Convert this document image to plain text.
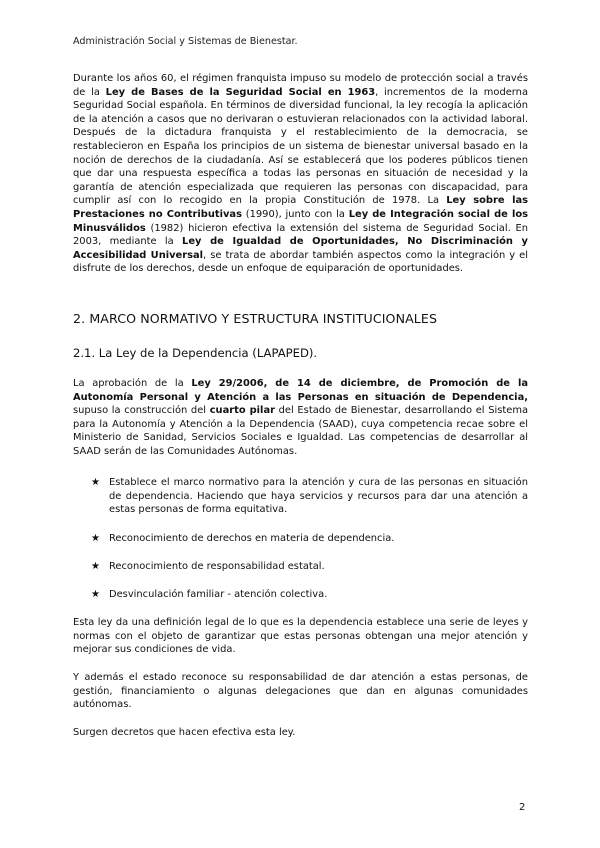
Administración Social y Sistemas de Bienestar.

Durante los años 60, el régimen franquista impuso su modelo de protección social a través de la Ley de Bases de la Seguridad Social en 1963, incrementos de la moderna Seguridad Social española. En términos de diversidad funcional, la ley recogía la aplicación de la atención a casos que no derivaran o estuvieran relacionados con la actividad laboral. Después de la dictadura franquista y el restablecimiento de la democracia, se restablecieron en España los principios de un sistema de bienestar universal basado en la noción de derechos de la ciudadanía. Así se establecerá que los poderes públicos tienen que dar una respuesta específica a todas las personas en situación de necesidad y la garantía de atención especializada que requieren las personas con discapacidad, para cumplir así con lo recogido en la propia Constitución de 1978. La Ley sobre las Prestaciones no Contributivas (1990), junto con la Ley de Integración social de los Minusválidos (1982) hicieron efectiva la extensión del sistema de Seguridad Social. En 2003, mediante la Ley de Igualdad de Oportunidades, No Discriminación y Accesibilidad Universal, se trata de abordar también aspectos como la integración y el disfrute de los derechos, desde un enfoque de equiparación de oportunidades.

2. MARCO NORMATIVO Y ESTRUCTURA INSTITUCIONALES
2.1. La Ley de la Dependencia (LAPAPED).

La aprobación de la Ley 29/2006, de 14 de diciembre, de Promoción de la Autonomía Personal y Atención a las Personas en situación de Dependencia, supuso la construcción del cuarto pilar del Estado de Bienestar, desarrollando el Sistema para la Autonomía y Atención a la Dependencia (SAAD), cuya competencia recae sobre el Ministerio de Sanidad, Servicios Sociales e Igualdad. Las competencias de desarrollar al SAAD serán de las Comunidades Autónomas.

★ Establece el marco normativo para la atención y cura de las personas en situación de dependencia. Haciendo que haya servicios y recursos para dar una atención a estas personas de forma equitativa.
★ Reconocimiento de derechos en materia de dependencia.
★ Reconocimiento de responsabilidad estatal.
★ Desvinculación familiar - atención colectiva.

Esta ley da una definición legal de lo que es la dependencia establece una serie de leyes y normas con el objeto de garantizar que estas personas obtengan una mejor atención y mejorar sus condiciones de vida.

Y además el estado reconoce su responsabilidad de dar atención a estas personas, de gestión, financiamiento o algunas delegaciones que dan en algunas comunidades autónomas.

Surgen decretos que hacen efectiva esta ley.

2
